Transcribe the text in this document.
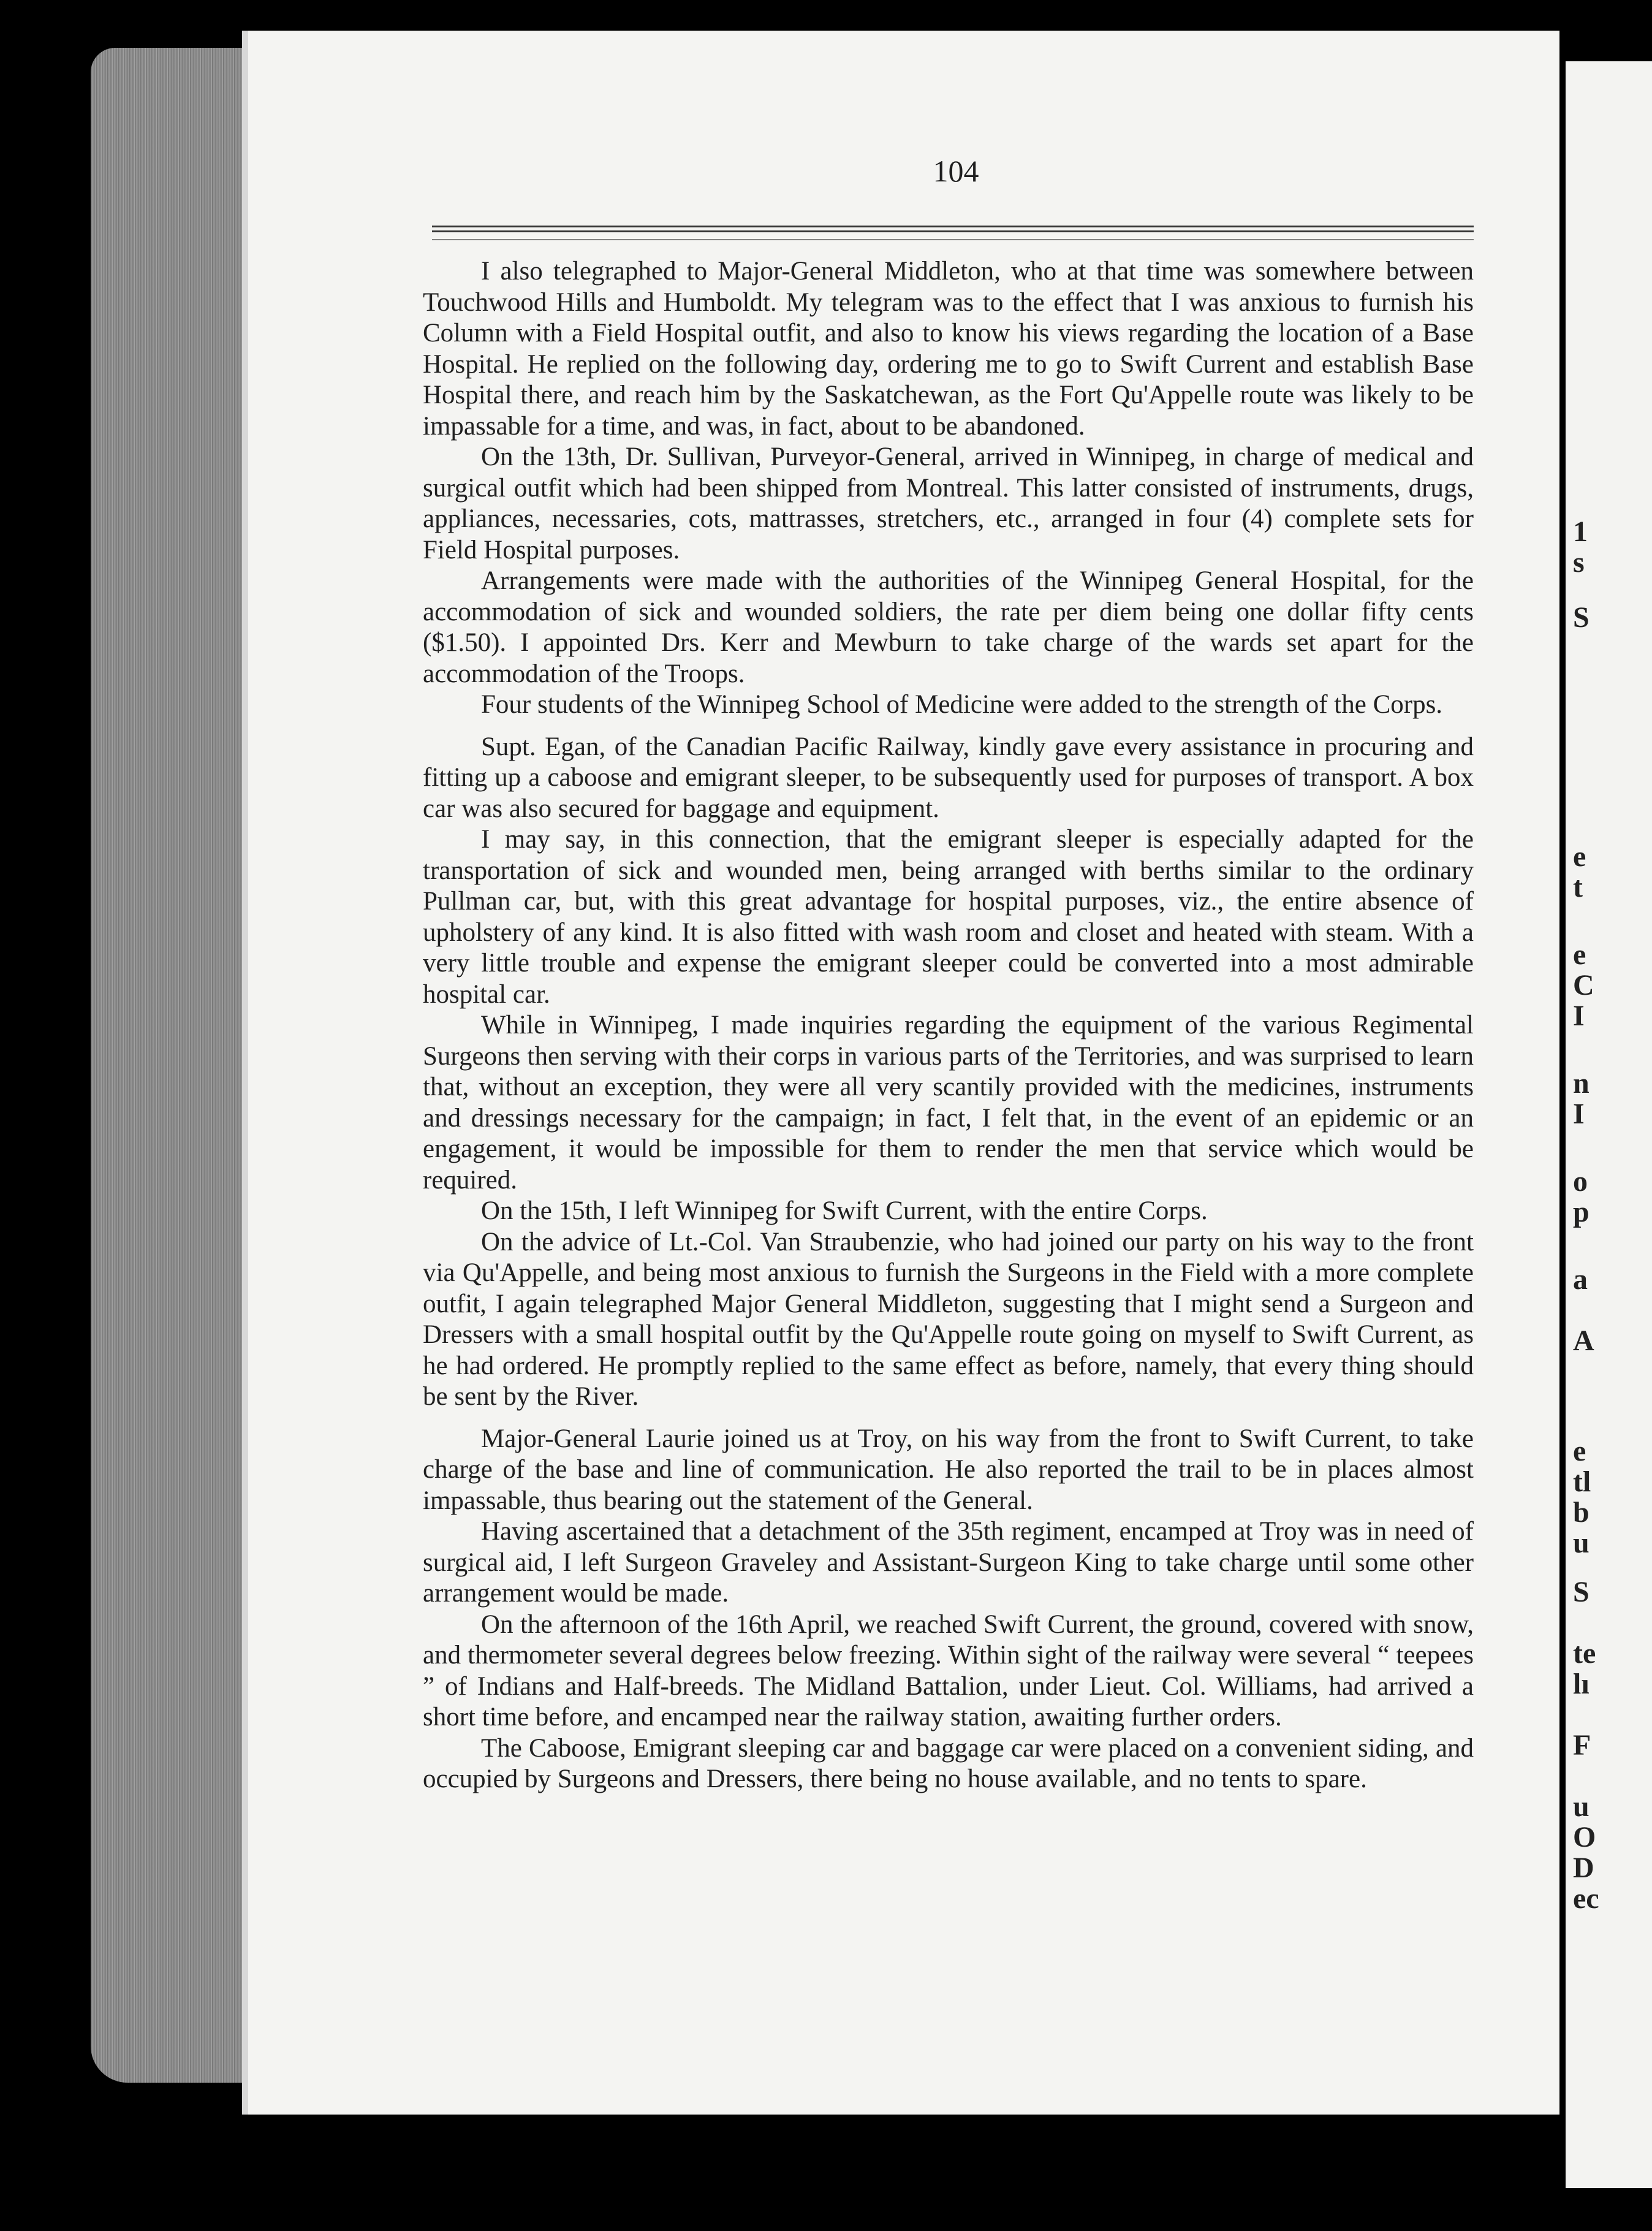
1
s
S
e
t
e
C
I
n
I
o
p
a
A
e
tl
b
u
S
te
lı
F
u
O
D
ec
104

I also telegraphed to Major-General Middleton, who at that time was somewhere between Touchwood Hills and Humboldt. My telegram was to the effect that I was anxious to furnish his Column with a Field Hospital outfit, and also to know his views regarding the location of a Base Hospital. He replied on the following day, ordering me to go to Swift Current and establish Base Hospital there, and reach him by the Saskatchewan, as the Fort Qu'Appelle route was likely to be impassable for a time, and was, in fact, about to be abandoned.

On the 13th, Dr. Sullivan, Purveyor-General, arrived in Winnipeg, in charge of medical and surgical outfit which had been shipped from Montreal. This latter consisted of instruments, drugs, appliances, necessaries, cots, mattrasses, stretchers, etc., arranged in four (4) complete sets for Field Hospital purposes.

Arrangements were made with the authorities of the Winnipeg General Hospital, for the accommodation of sick and wounded soldiers, the rate per diem being one dollar fifty cents ($1.50). I appointed Drs. Kerr and Mewburn to take charge of the wards set apart for the accommodation of the Troops.

Four students of the Winnipeg School of Medicine were added to the strength of the Corps.

Supt. Egan, of the Canadian Pacific Railway, kindly gave every assistance in procuring and fitting up a caboose and emigrant sleeper, to be subsequently used for purposes of transport. A box car was also secured for baggage and equipment.

I may say, in this connection, that the emigrant sleeper is especially adapted for the transportation of sick and wounded men, being arranged with berths similar to the ordinary Pullman car, but, with this great advantage for hospital purposes, viz., the entire absence of upholstery of any kind. It is also fitted with wash room and closet and heated with steam. With a very little trouble and expense the emigrant sleeper could be converted into a most admirable hospital car.

While in Winnipeg, I made inquiries regarding the equipment of the various Regimental Surgeons then serving with their corps in various parts of the Territories, and was surprised to learn that, without an exception, they were all very scantily provided with the medicines, instruments and dressings necessary for the campaign; in fact, I felt that, in the event of an epidemic or an engagement, it would be impossible for them to render the men that service which would be required.

On the 15th, I left Winnipeg for Swift Current, with the entire Corps.

On the advice of Lt.-Col. Van Straubenzie, who had joined our party on his way to the front via Qu'Appelle, and being most anxious to furnish the Surgeons in the Field with a more complete outfit, I again telegraphed Major General Middleton, suggesting that I might send a Surgeon and Dressers with a small hospital outfit by the Qu'Appelle route going on myself to Swift Current, as he had ordered. He promptly replied to the same effect as before, namely, that every thing should be sent by the River.

Major-General Laurie joined us at Troy, on his way from the front to Swift Current, to take charge of the base and line of communication. He also reported the trail to be in places almost impassable, thus bearing out the statement of the General.

Having ascertained that a detachment of the 35th regiment, encamped at Troy was in need of surgical aid, I left Surgeon Graveley and Assistant-Surgeon King to take charge until some other arrangement would be made.

On the afternoon of the 16th April, we reached Swift Current, the ground, covered with snow, and thermometer several degrees below freezing. Within sight of the railway were several “ teepees ” of Indians and Half-breeds. The Midland Battalion, under Lieut. Col. Williams, had arrived a short time before, and encamped near the railway station, awaiting further orders.

The Caboose, Emigrant sleeping car and baggage car were placed on a convenient siding, and occupied by Surgeons and Dressers, there being no house available, and no tents to spare.
